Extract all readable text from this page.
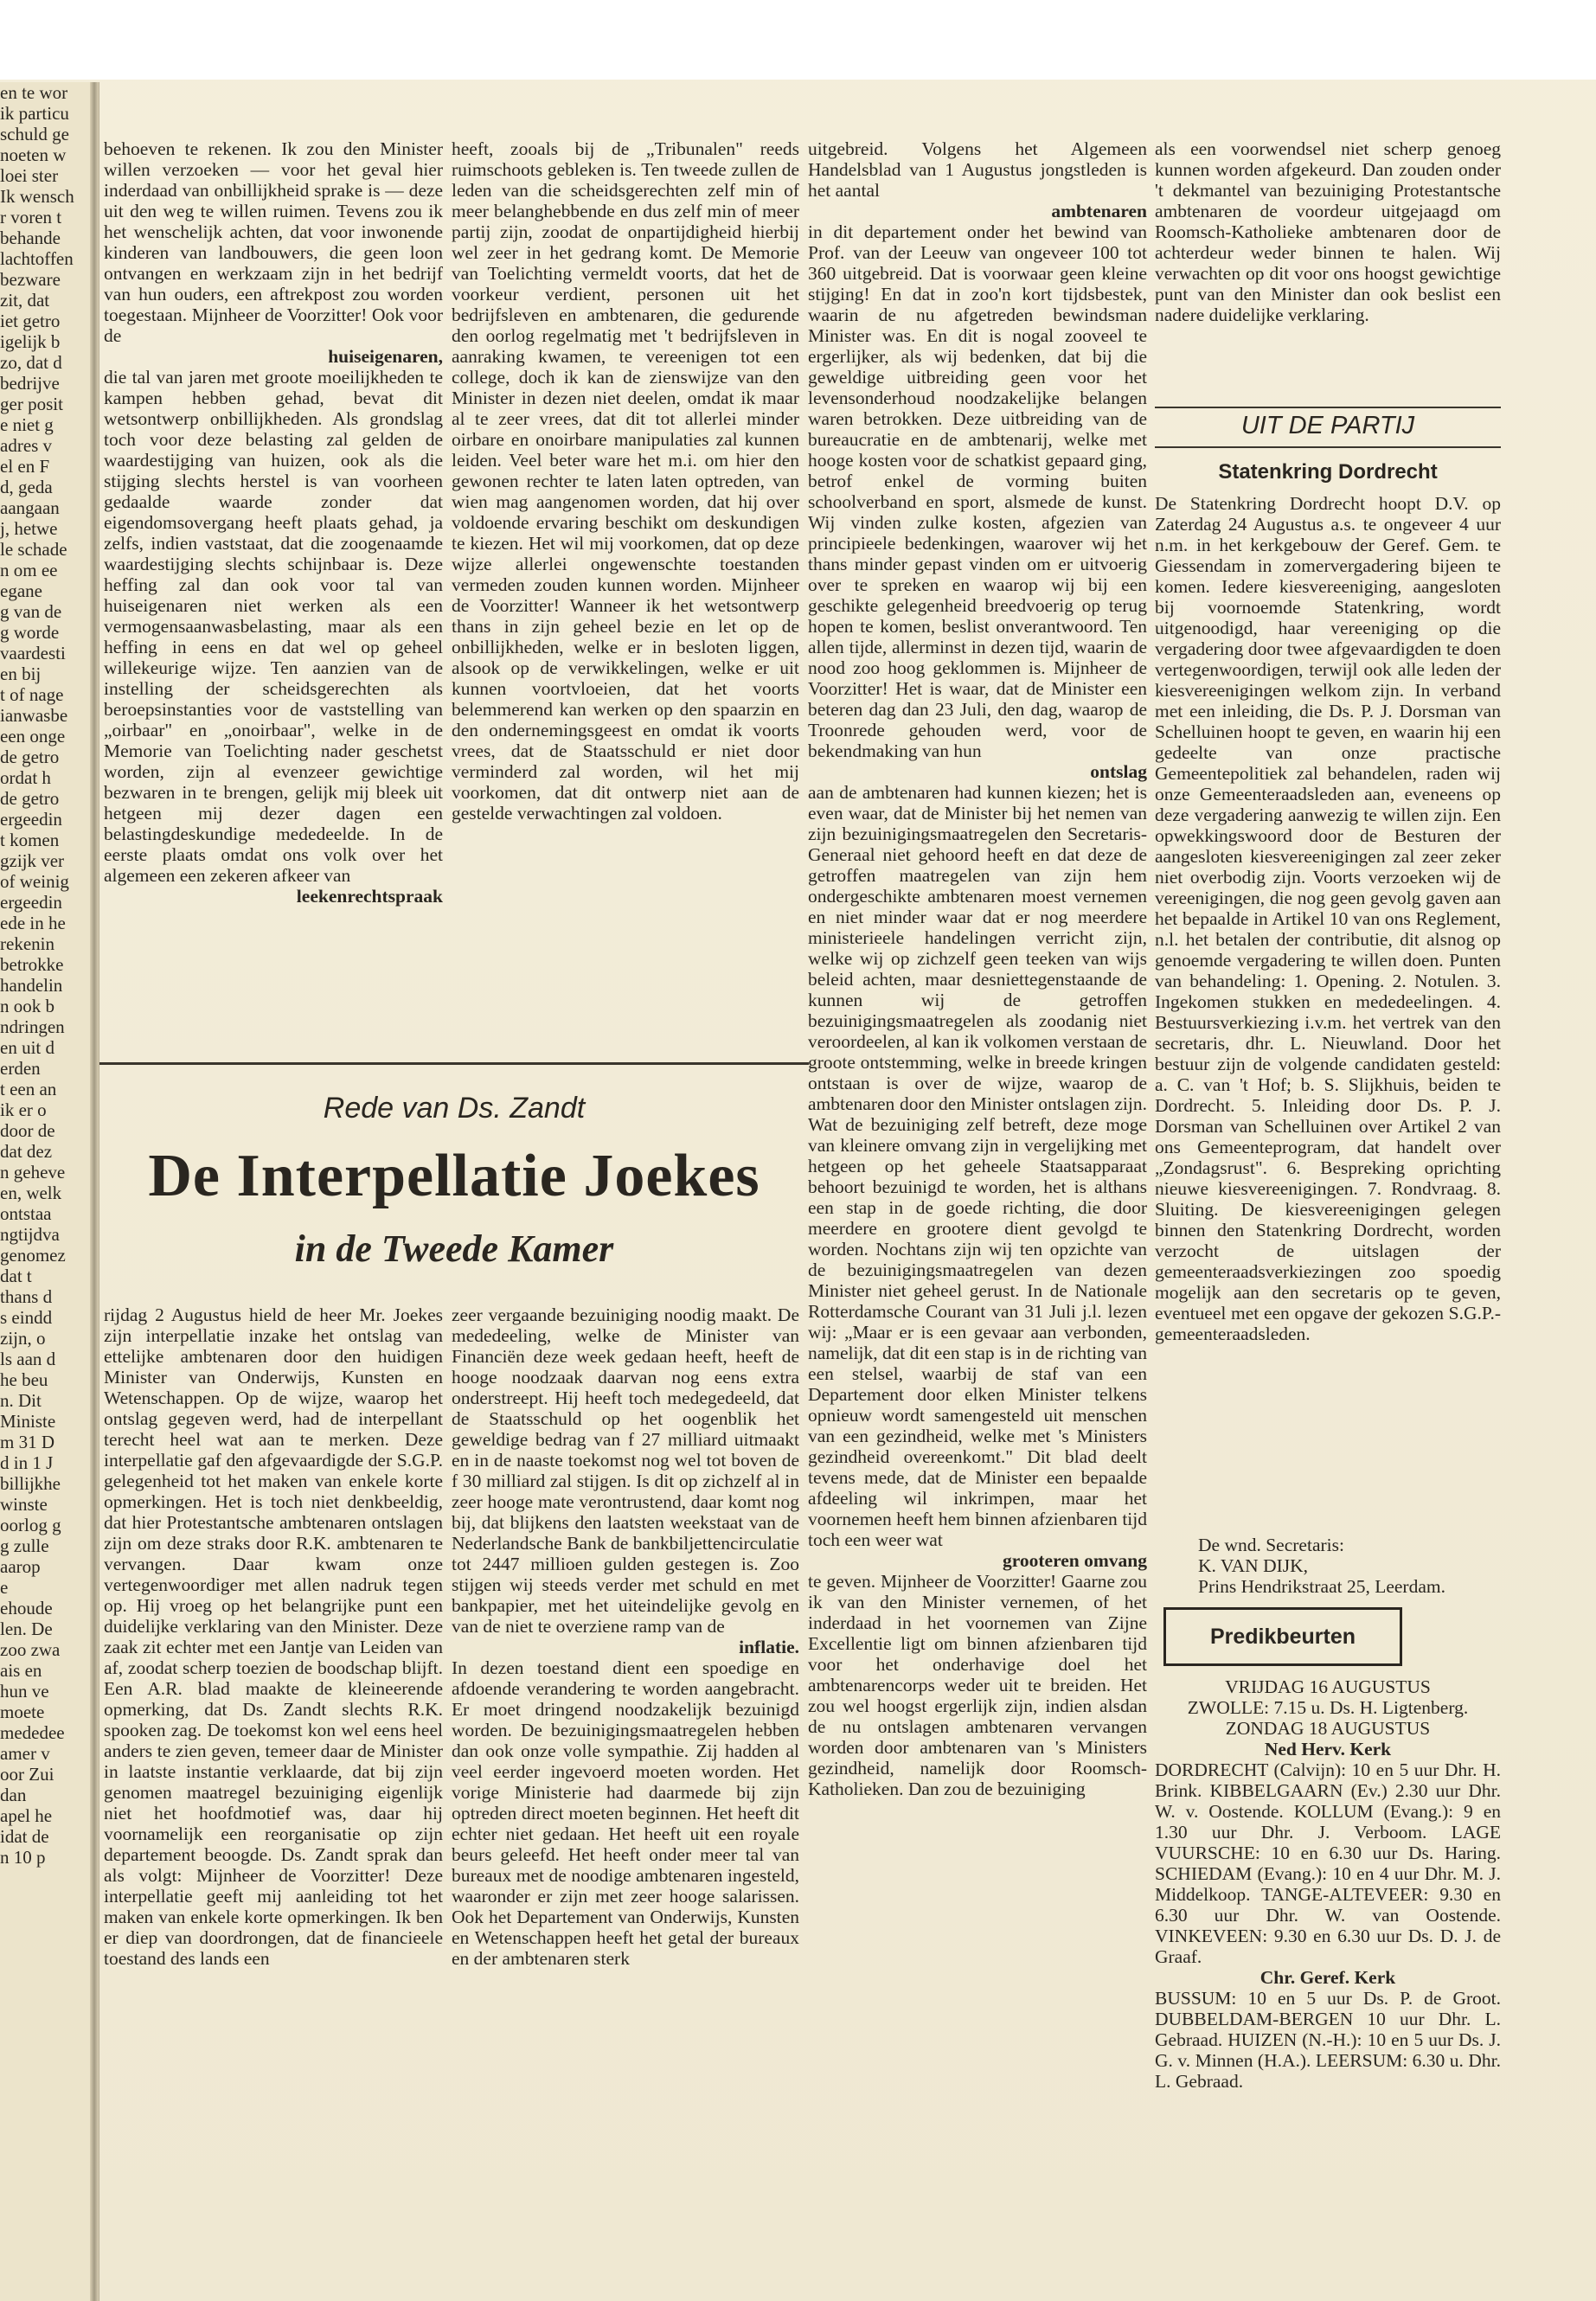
en te wor

ik particu

schuld ge

noeten w

loei ster

Ik wensch

r voren t

behande

lachtoffen

bezware

zit, dat

iet getro

igelijk b

zo, dat d

bedrijve

ger posit

e niet g

adres v

el en F

d, geda

aangaan

j, hetwe

le schade

n om ee

egane

g van de

g worde

vaardesti

en bij

t of nage

ianwasbe

een onge

de getro

ordat h

de getro

ergeedin

t komen

gzijk ver

of weinig

ergeedin

ede in he

rekenin

betrokke

handelin

n ook b

ndringen

en uit d

erden

t een an

ik er o

door de

dat dez

n geheve

en, welk

ontstaa

ngtijdva

genomez

dat t

thans d

s eindd

zijn, o

ls aan d

he beu

n. Dit

Ministe

m 31 D

d in 1 J

billijkhe

winste

oorlog g

g zulle

aarop

e

ehoude

len. De

zoo zwa

ais en

hun ve

moete

mededee

amer v

oor Zui

dan

apel he

idat de

n 10 p

behoeven te rekenen. Ik zou den Minister willen verzoeken — voor het geval hier inderdaad van onbillijkheid sprake is — deze uit den weg te willen ruimen. Tevens zou ik het wenschelijk achten, dat voor inwonende kinderen van landbouwers, die geen loon ontvangen en werkzaam zijn in het bedrijf van hun ouders, een aftrekpost zou worden toegestaan. Mijnheer de Voorzitter! Ook voor de

huiseigenaren,

die tal van jaren met groote moeilijkheden te kampen hebben gehad, bevat dit wetsontwerp onbillijkheden. Als grondslag toch voor deze belasting zal gelden de waardestijging van huizen, ook als die stijging slechts herstel is van voorheen gedaalde waarde zonder dat eigendomsovergang heeft plaats gehad, ja zelfs, indien vaststaat, dat die zoogenaamde waardestijging slechts schijnbaar is. Deze heffing zal dan ook voor tal van huiseigenaren niet werken als een vermogensaanwasbelasting, maar als een heffing in eens en dat wel op geheel willekeurige wijze. Ten aanzien van de instelling der scheidsgerechten als beroepsinstanties voor de vaststelling van „oirbaar" en „onoirbaar", welke in de Memorie van Toelichting nader geschetst worden, zijn al evenzeer gewichtige bezwaren in te brengen, gelijk mij bleek uit hetgeen mij dezer dagen een belastingdeskundige mededeelde. In de eerste plaats omdat ons volk over het algemeen een zekeren afkeer van

leekenrechtspraak

heeft, zooals bij de „Tribunalen" reeds ruimschoots gebleken is. Ten tweede zullen de leden van die scheidsgerechten zelf min of meer belanghebbende en dus zelf min of meer partij zijn, zoodat de onpartijdigheid hierbij wel zeer in het gedrang komt. De Memorie van Toelichting vermeldt voorts, dat het de voorkeur verdient, personen uit het bedrijfsleven en ambtenaren, die gedurende den oorlog regelmatig met 't bedrijfsleven in aanraking kwamen, te vereenigen tot een college, doch ik kan de zienswijze van den Minister in dezen niet deelen, omdat ik maar al te zeer vrees, dat dit tot allerlei minder oirbare en onoirbare manipulaties zal kunnen leiden. Veel beter ware het m.i. om hier den gewonen rechter te laten laten optreden, van wien mag aangenomen worden, dat hij over voldoende ervaring beschikt om deskundigen te kiezen. Het wil mij voorkomen, dat op deze wijze allerlei ongewenschte toestanden vermeden zouden kunnen worden. Mijnheer de Voorzitter! Wanneer ik het wetsontwerp thans in zijn geheel bezie en let op de onbillijkheden, welke er in besloten liggen, alsook op de verwikkelingen, welke er uit kunnen voortvloeien, dat het voorts belemmerend kan werken op den spaarzin en den ondernemingsgeest en omdat ik voorts vrees, dat de Staatsschuld er niet door verminderd zal worden, wil het mij voorkomen, dat dit ontwerp niet aan de gestelde verwachtingen zal voldoen.

Rede van Ds. Zandt
De Interpellatie Joekes
in de Tweede Kamer

rijdag 2 Augustus hield de heer Mr. Joekes zijn interpellatie inzake het ontslag van ettelijke ambtenaren door den huidigen Minister van Onderwijs, Kunsten en Wetenschappen. Op de wijze, waarop het ontslag gegeven werd, had de interpellant terecht heel wat aan te merken. Deze interpellatie gaf den afgevaardigde der S.G.P. gelegenheid tot het maken van enkele korte opmerkingen. Het is toch niet denkbeeldig, dat hier Protestantsche ambtenaren ontslagen zijn om deze straks door R.K. ambtenaren te vervangen. Daar kwam onze vertegenwoordiger met allen nadruk tegen op. Hij vroeg op het belangrijke punt een duidelijke verklaring van den Minister. Deze zaak zit echter met een Jantje van Leiden van af, zoodat scherp toezien de boodschap blijft. Een A.R. blad maakte de kleineerende opmerking, dat Ds. Zandt slechts R.K. spooken zag. De toekomst kon wel eens heel anders te zien geven, temeer daar de Minister in laatste instantie verklaarde, dat bij zijn genomen maatregel bezuiniging eigenlijk niet het hoofdmotief was, daar hij voornamelijk een reorganisatie op zijn departement beoogde. Ds. Zandt sprak dan als volgt: Mijnheer de Voorzitter! Deze interpellatie geeft mij aanleiding tot het maken van enkele korte opmerkingen. Ik ben er diep van doordrongen, dat de financieele toestand des lands een

zeer vergaande bezuiniging noodig maakt. De mededeeling, welke de Minister van Financiën deze week gedaan heeft, heeft de hooge noodzaak daarvan nog eens extra onderstreept. Hij heeft toch medegedeeld, dat de Staatsschuld op het oogenblik het geweldige bedrag van f 27 milliard uitmaakt en in de naaste toekomst nog wel tot boven de f 30 milliard zal stijgen. Is dit op zichzelf al in zeer hooge mate verontrustend, daar komt nog bij, dat blijkens den laatsten weekstaat van de Nederlandsche Bank de bankbiljettencirculatie tot 2447 millioen gulden gestegen is. Zoo stijgen wij steeds verder met schuld en met bankpapier, met het uiteindelijke gevolg en van de niet te overziene ramp van de

inflatie.

In dezen toestand dient een spoedige en afdoende verandering te worden aangebracht. Er moet dringend noodzakelijk bezuinigd worden. De bezuinigingsmaatregelen hebben dan ook onze volle sympathie. Zij hadden al veel eerder ingevoerd moeten worden. Het vorige Ministerie had daarmede bij zijn optreden direct moeten beginnen. Het heeft dit echter niet gedaan. Het heeft uit een royale beurs geleefd. Het heeft onder meer tal van bureaux met de noodige ambtenaren ingesteld, waaronder er zijn met zeer hooge salarissen. Ook het Departement van Onderwijs, Kunsten en Wetenschappen heeft het getal der bureaux en der ambtenaren sterk

uitgebreid. Volgens het Algemeen Handelsblad van 1 Augustus jongstleden is het aantal

ambtenaren

in dit departement onder het bewind van Prof. van der Leeuw van ongeveer 100 tot 360 uitgebreid. Dat is voorwaar geen kleine stijging! En dat in zoo'n kort tijdsbestek, waarin de nu afgetreden bewindsman Minister was. En dit is nogal zooveel te ergerlijker, als wij bedenken, dat bij die geweldige uitbreiding geen voor het levensonderhoud noodzakelijke belangen waren betrokken. Deze uitbreiding van de bureaucratie en de ambtenarij, welke met hooge kosten voor de schatkist gepaard ging, betrof enkel de vorming buiten schoolverband en sport, alsmede de kunst. Wij vinden zulke kosten, afgezien van principieele bedenkingen, waarover wij het thans minder gepast vinden om er uitvoerig over te spreken en waarop wij bij een geschikte gelegenheid breedvoerig op terug hopen te komen, beslist onverantwoord. Ten allen tijde, allerminst in dezen tijd, waarin de nood zoo hoog geklommen is. Mijnheer de Voorzitter! Het is waar, dat de Minister een beteren dag dan 23 Juli, den dag, waarop de Troonrede gehouden werd, voor de bekendmaking van hun

ontslag

aan de ambtenaren had kunnen kiezen; het is even waar, dat de Minister bij het nemen van zijn bezuinigingsmaatregelen den Secretaris-Generaal niet gehoord heeft en dat deze de getroffen maatregelen van zijn hem ondergeschikte ambtenaren moest vernemen en niet minder waar dat er nog meerdere ministerieele handelingen verricht zijn, welke wij op zichzelf geen teeken van wijs beleid achten, maar desniettegenstaande de kunnen wij de getroffen bezuinigingsmaatregelen als zoodanig niet veroordeelen, al kan ik volkomen verstaan de groote ontstemming, welke in breede kringen ontstaan is over de wijze, waarop de ambtenaren door den Minister ontslagen zijn. Wat de bezuiniging zelf betreft, deze moge van kleinere omvang zijn in vergelijking met hetgeen op het geheele Staatsapparaat behoort bezuinigd te worden, het is althans een stap in de goede richting, die door meerdere en grootere dient gevolgd te worden. Nochtans zijn wij ten opzichte van de bezuinigingsmaatregelen van dezen Minister niet geheel gerust. In de Nationale Rotterdamsche Courant van 31 Juli j.l. lezen wij: „Maar er is een gevaar aan verbonden, namelijk, dat dit een stap is in de richting van een stelsel, waarbij de staf van een Departement door elken Minister telkens opnieuw wordt samengesteld uit menschen van een gezindheid, welke met 's Ministers gezindheid overeenkomt." Dit blad deelt tevens mede, dat de Minister een bepaalde afdeeling wil inkrimpen, maar het voornemen heeft hem binnen afzienbaren tijd toch een weer wat

grooteren omvang

te geven. Mijnheer de Voorzitter! Gaarne zou ik van den Minister vernemen, of het inderdaad in het voornemen van Zijne Excellentie ligt om binnen afzienbaren tijd voor het onderhavige doel het ambtenarencorps weder uit te breiden. Het zou wel hoogst ergerlijk zijn, indien alsdan de nu ontslagen ambtenaren vervangen worden door ambtenaren van 's Ministers gezindheid, namelijk door Roomsch-Katholieken. Dan zou de bezuiniging

als een voorwendsel niet scherp genoeg kunnen worden afgekeurd. Dan zouden onder 't dekmantel van bezuiniging Protestantsche ambtenaren de voordeur uitgejaagd om Roomsch-Katholieke ambtenaren door de achterdeur weder binnen te halen. Wij verwachten op dit voor ons hoogst gewichtige punt van den Minister dan ook beslist een nadere duidelijke verklaring.

UIT DE PARTIJ
Statenkring Dordrecht

De Statenkring Dordrecht hoopt D.V. op Zaterdag 24 Augustus a.s. te ongeveer 4 uur n.m. in het kerkgebouw der Geref. Gem. te Giessendam in zomervergadering bijeen te komen. Iedere kiesvereeniging, aangesloten bij voornoemde Statenkring, wordt uitgenoodigd, haar vereeniging op die vergadering door twee afgevaardigden te doen vertegenwoordigen, terwijl ook alle leden der kiesvereenigingen welkom zijn. In verband met een inleiding, die Ds. P. J. Dorsman van Schelluinen hoopt te geven, en waarin hij een gedeelte van onze practische Gemeentepolitiek zal behandelen, raden wij onze Gemeenteraadsleden aan, eveneens op deze vergadering aanwezig te willen zijn. Een opwekkingswoord door de Besturen der aangesloten kiesvereenigingen zal zeer zeker niet overbodig zijn. Voorts verzoeken wij de vereenigingen, die nog geen gevolg gaven aan het bepaalde in Artikel 10 van ons Reglement, n.l. het betalen der contributie, dit alsnog op genoemde vergadering te willen doen. Punten van behandeling: 1. Opening. 2. Notulen. 3. Ingekomen stukken en mededeelingen. 4. Bestuursverkiezing i.v.m. het vertrek van den secretaris, dhr. L. Nieuwland. Door het bestuur zijn de volgende candidaten gesteld: a. C. van 't Hof; b. S. Slijkhuis, beiden te Dordrecht. 5. Inleiding door Ds. P. J. Dorsman van Schelluinen over Artikel 2 van ons Gemeenteprogram, dat handelt over „Zondagsrust". 6. Bespreking oprichting nieuwe kiesvereenigingen. 7. Rondvraag. 8. Sluiting. De kiesvereenigingen gelegen binnen den Statenkring Dordrecht, worden verzocht de uitslagen der gemeenteraadsverkiezingen zoo spoedig mogelijk aan den secretaris op te geven, eventueel met een opgave der gekozen S.G.P.-gemeenteraadsleden.

De wnd. Secretaris:
K. VAN DIJK,
Prins Hendrikstraat 25, Leerdam.
Predikbeurten
VRIJDAG 16 AUGUSTUS
ZWOLLE: 7.15 u. Ds. H. Ligtenberg.
ZONDAG 18 AUGUSTUS
Ned Herv. Kerk

DORDRECHT (Calvijn): 10 en 5 uur Dhr. H. Brink. KIBBELGAARN (Ev.) 2.30 uur Dhr. W. v. Oostende. KOLLUM (Evang.): 9 en 1.30 uur Dhr. J. Verboom. LAGE VUURSCHE: 10 en 6.30 uur Ds. Haring. SCHIEDAM (Evang.): 10 en 4 uur Dhr. M. J. Middelkoop. TANGE-ALTEVEER: 9.30 en 6.30 uur Dhr. W. van Oostende. VINKEVEEN: 9.30 en 6.30 uur Ds. D. J. de Graaf.

Chr. Geref. Kerk

BUSSUM: 10 en 5 uur Ds. P. de Groot. DUBBELDAM-BERGEN 10 uur Dhr. L. Gebraad. HUIZEN (N.-H.): 10 en 5 uur Ds. J. G. v. Minnen (H.A.). LEERSUM: 6.30 u. Dhr. L. Gebraad.
